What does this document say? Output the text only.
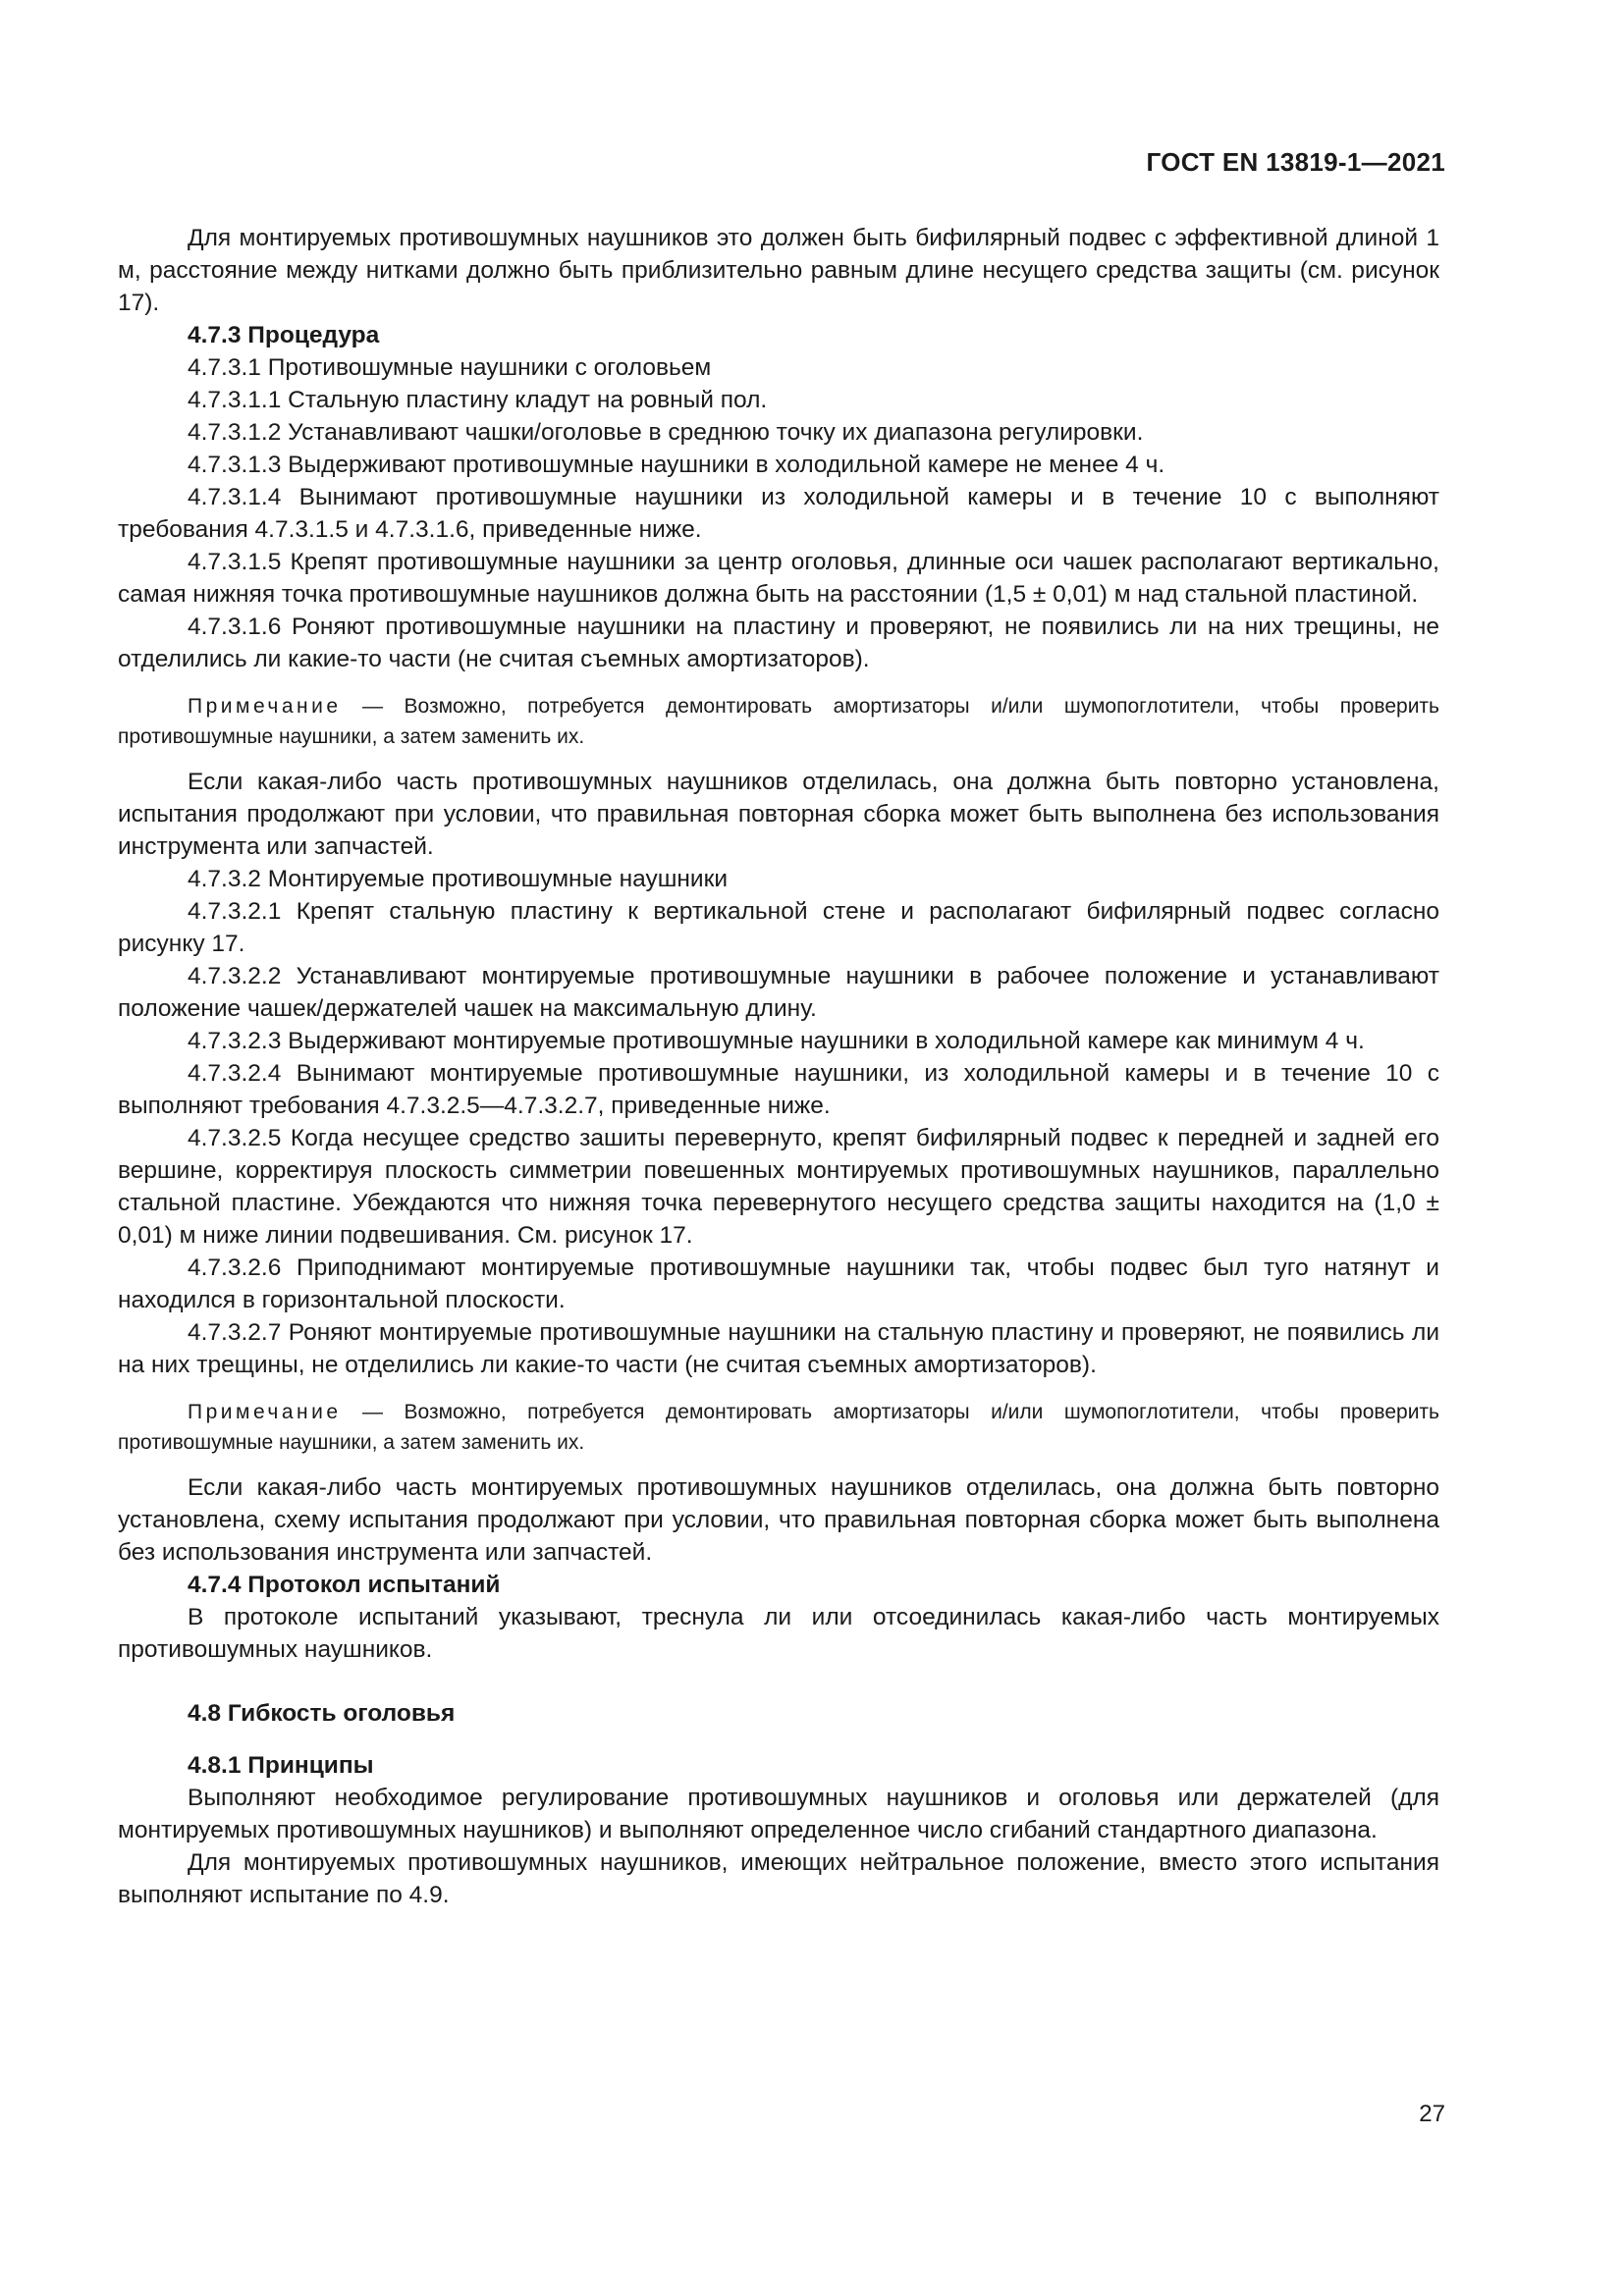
ГОСТ EN 13819-1—2021

Для монтируемых противошумных наушников это должен быть бифилярный подвес с эффективной длиной 1 м, расстояние между нитками должно быть приблизительно равным длине несущего средства защиты (см. рисунок 17).

4.7.3 Процедура

4.7.3.1 Противошумные наушники с оголовьем

4.7.3.1.1 Стальную пластину кладут на ровный пол.

4.7.3.1.2 Устанавливают чашки/оголовье в среднюю точку их диапазона регулировки.

4.7.3.1.3 Выдерживают противошумные наушники в холодильной камере не менее 4 ч.

4.7.3.1.4 Вынимают противошумные наушники из холодильной камеры и в течение 10 с выполняют требования 4.7.3.1.5 и 4.7.3.1.6, приведенные ниже.

4.7.3.1.5 Крепят противошумные наушники за центр оголовья, длинные оси чашек располагают вертикально, самая нижняя точка противошумные наушников должна быть на расстоянии (1,5 ± 0,01) м над стальной пластиной.

4.7.3.1.6 Роняют противошумные наушники на пластину и проверяют, не появились ли на них трещины, не отделились ли какие-то части (не считая съемных амортизаторов).

Примечание — Возможно, потребуется демонтировать амортизаторы и/или шумопоглотители, чтобы проверить противошумные наушники, а затем заменить их.

Если какая-либо часть противошумных наушников отделилась, она должна быть повторно установлена, испытания продолжают при условии, что правильная повторная сборка может быть выполнена без использования инструмента или запчастей.

4.7.3.2 Монтируемые противошумные наушники

4.7.3.2.1 Крепят стальную пластину к вертикальной стене и располагают бифилярный подвес согласно рисунку 17.

4.7.3.2.2 Устанавливают монтируемые противошумные наушники в рабочее положение и устанавливают положение чашек/держателей чашек на максимальную длину.

4.7.3.2.3 Выдерживают монтируемые противошумные наушники в холодильной камере как минимум 4 ч.

4.7.3.2.4 Вынимают монтируемые противошумные наушники, из холодильной камеры и в течение 10 с выполняют требования 4.7.3.2.5—4.7.3.2.7, приведенные ниже.

4.7.3.2.5 Когда несущее средство зашиты перевернуто, крепят бифилярный подвес к передней и задней его вершине, корректируя плоскость симметрии повешенных монтируемых противошумных наушников, параллельно стальной пластине. Убеждаются что нижняя точка перевернутого несущего средства защиты находится на (1,0 ± 0,01) м ниже линии подвешивания. См. рисунок 17.

4.7.3.2.6 Приподнимают монтируемые противошумные наушники так, чтобы подвес был туго натянут и находился в горизонтальной плоскости.

4.7.3.2.7 Роняют монтируемые противошумные наушники на стальную пластину и проверяют, не появились ли на них трещины, не отделились ли какие-то части (не считая съемных амортизаторов).

Примечание — Возможно, потребуется демонтировать амортизаторы и/или шумопоглотители, чтобы проверить противошумные наушники, а затем заменить их.

Если какая-либо часть монтируемых противошумных наушников отделилась, она должна быть повторно установлена, схему испытания продолжают при условии, что правильная повторная сборка может быть выполнена без использования инструмента или запчастей.

4.7.4 Протокол испытаний

В протоколе испытаний указывают, треснула ли или отсоединилась какая-либо часть монтируемых противошумных наушников.

4.8 Гибкость оголовья

4.8.1 Принципы

Выполняют необходимое регулирование противошумных наушников и оголовья или держателей (для монтируемых противошумных наушников) и выполняют определенное число сгибаний стандартного диапазона.

Для монтируемых противошумных наушников, имеющих нейтральное положение, вместо этого испытания выполняют испытание по 4.9.

27
